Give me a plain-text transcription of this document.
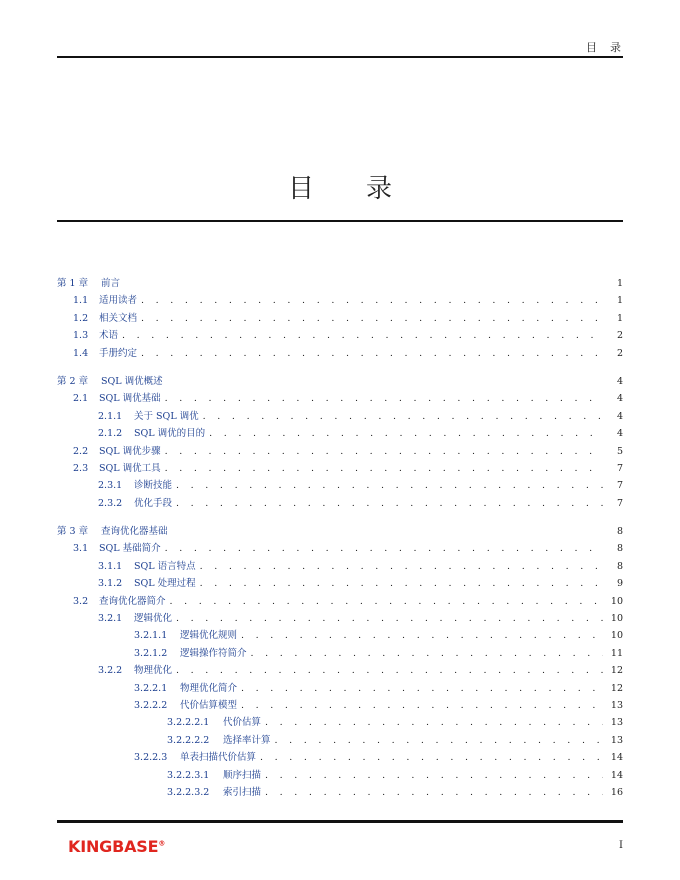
目　录
目 录
第 1 章	前言	1
1.1	适用读者 . . .	1
1.2	相关文档 . . .	1
1.3	术语 . . .	2
1.4	手册约定 . . .	2
第 2 章	SQL 调优概述	4
2.1	SQL 调优基础 . . .	4
2.1.1	关于 SQL 调优 . . .	4
2.1.2	SQL 调优的目的 . . .	4
2.2	SQL 调优步骤 . . .	5
2.3	SQL 调优工具 . . .	7
2.3.1	诊断技能 . . .	7
2.3.2	优化手段 . . .	7
第 3 章	查询优化器基础	8
3.1	SQL 基础简介 . . .	8
3.1.1	SQL 语言特点 . . .	8
3.1.2	SQL 处理过程 . . .	9
3.2	查询优化器简介 . . .	10
3.2.1	逻辑优化 . . .	10
3.2.1.1	逻辑优化规则 . . .	10
3.2.1.2	逻辑操作符简介 . . .	11
3.2.2	物理优化 . . .	12
3.2.2.1	物理优化简介 . . .	12
3.2.2.2	代价估算模型 . . .	13
3.2.2.2.1	代价估算 . . .	13
3.2.2.2.2	选择率计算 . . .	13
3.2.2.3	单表扫描代价估算 . . .	14
3.2.2.3.1	顺序扫描 . . .	14
3.2.2.3.2	索引扫描 . . .	16
KINGBASE®	I
